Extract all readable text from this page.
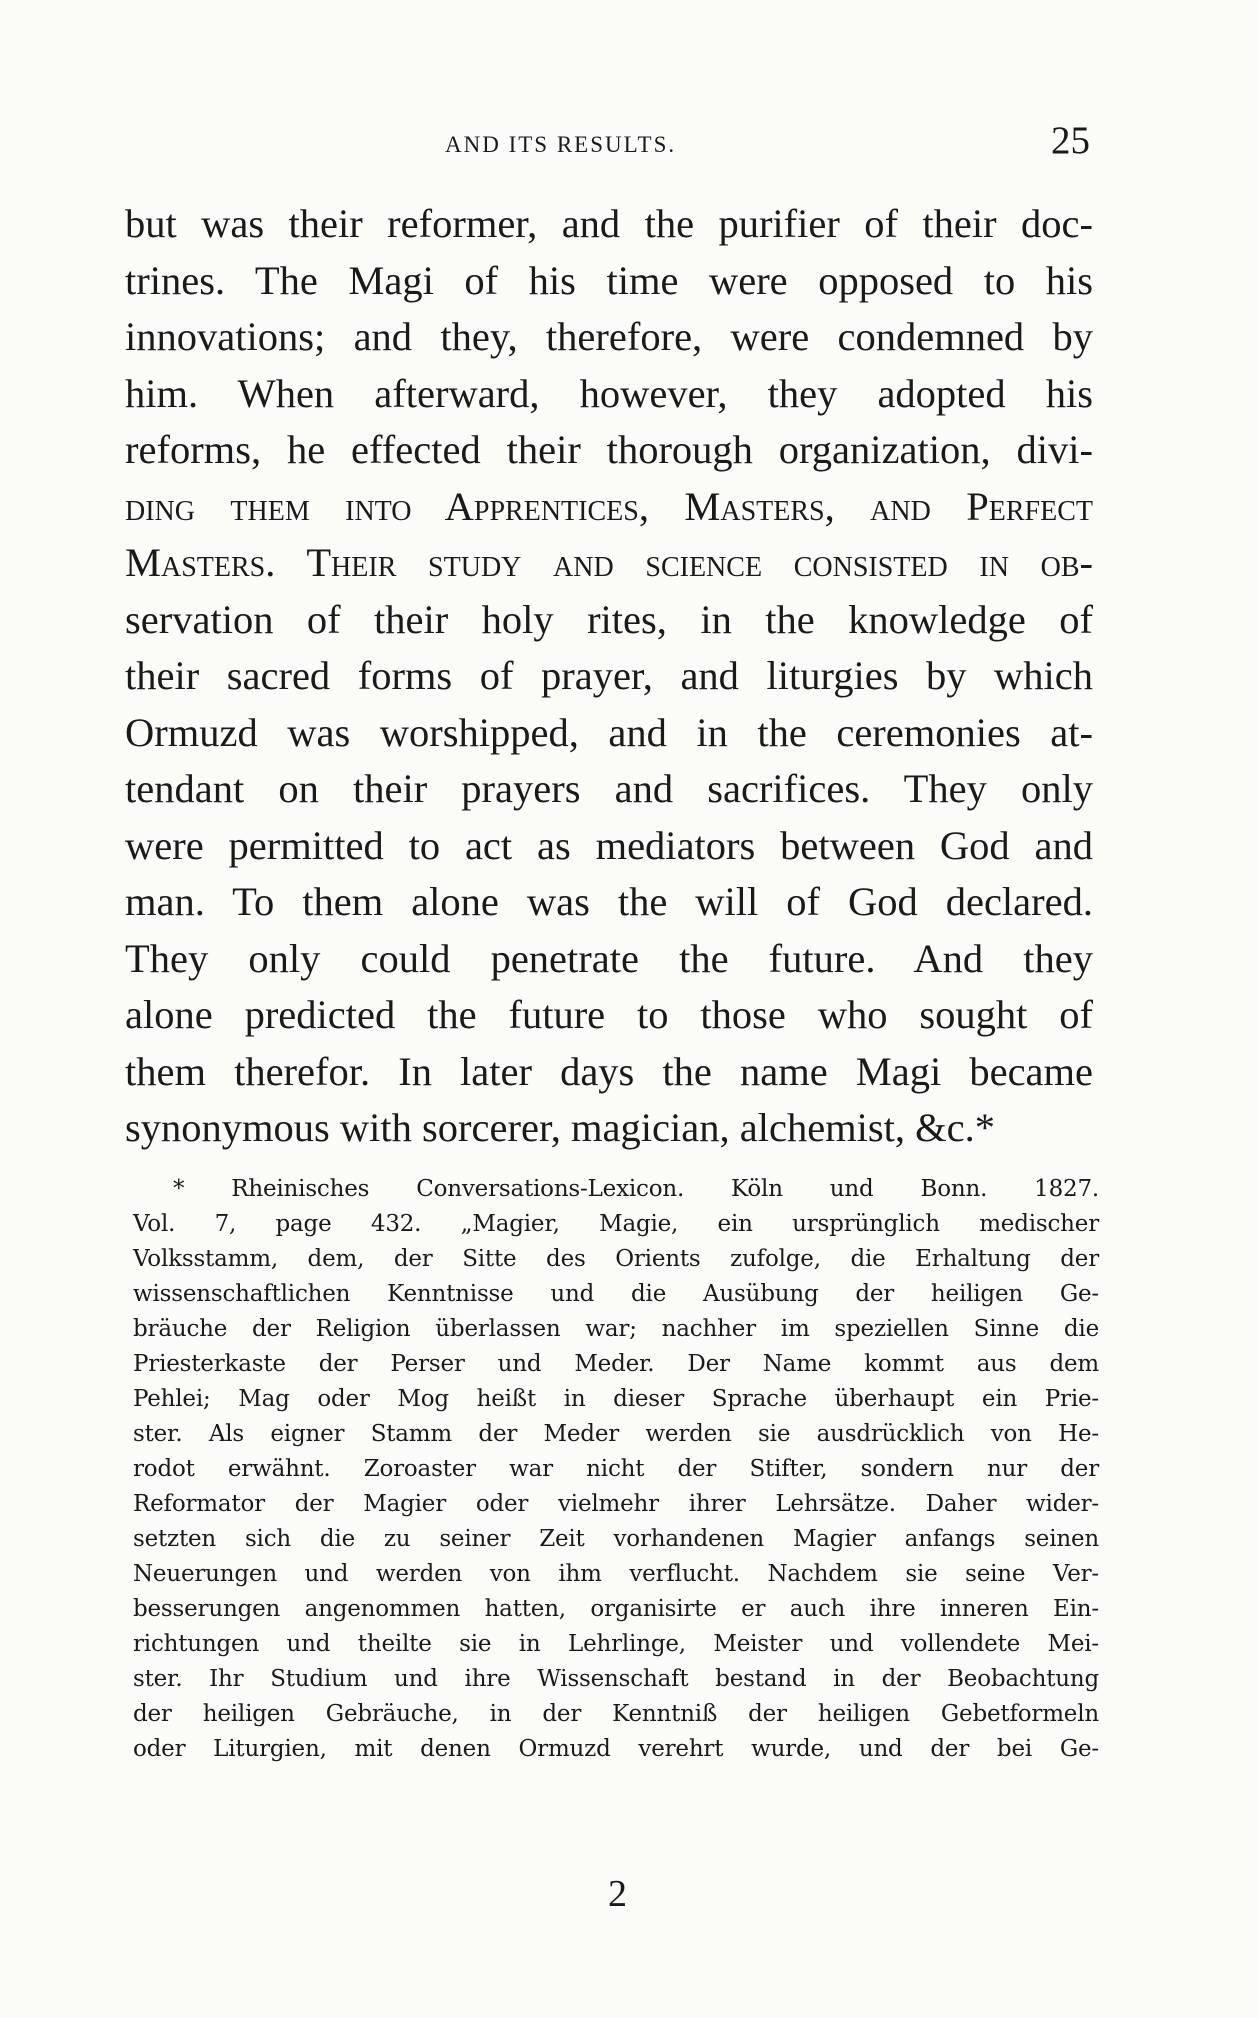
AND ITS RESULTS.	25
but was their reformer, and the purifier of their doc-
trines. The Magi of his time were opposed to his
innovations; and they, therefore, were condemned by
him. When afterward, however, they adopted his
reforms, he effected their thorough organization, divi-
ding them into Apprentices, Masters, and Perfect
Masters. Their study and science consisted in ob-
servation of their holy rites, in the knowledge of
their sacred forms of prayer, and liturgies by which
Ormuzd was worshipped, and in the ceremonies at-
tendant on their prayers and sacrifices. They only
were permitted to act as mediators between God and
man. To them alone was the will of God declared.
They only could penetrate the future. And they
alone predicted the future to those who sought of
them therefor. In later days the name Magi became
synonymous with sorcerer, magician, alchemist, &c.*
* Rheinisches Conversations-Lexicon. Köln und Bonn. 1827.
Vol. 7, page 432. „Magier, Magie, ein ursprünglich medischer
Volksstamm, dem, der Sitte des Orients zufolge, die Erhaltung der
wissenschaftlichen Kenntnisse und die Ausübung der heiligen Ge-
bräuche der Religion überlassen war; nachher im speziellen Sinne die
Priesterkaste der Perser und Meder. Der Name kommt aus dem
Pehlei; Mag oder Mog heißt in dieser Sprache überhaupt ein Prie-
ster. Als eigner Stamm der Meder werden sie ausdrücklich von He-
rodot erwähnt. Zoroaster war nicht der Stifter, sondern nur der
Reformator der Magier oder vielmehr ihrer Lehrsätze. Daher wider-
setzten sich die zu seiner Zeit vorhandenen Magier anfangs seinen
Neuerungen und werden von ihm verflucht. Nachdem sie seine Ver-
besserungen angenommen hatten, organisirte er auch ihre inneren Ein-
richtungen und theilte sie in Lehrlinge, Meister und vollendete Mei-
ster. Ihr Studium und ihre Wissenschaft bestand in der Beobachtung
der heiligen Gebräuche, in der Kenntniß der heiligen Gebetformeln
oder Liturgien, mit denen Ormuzd verehrt wurde, und der bei Ge-
2
